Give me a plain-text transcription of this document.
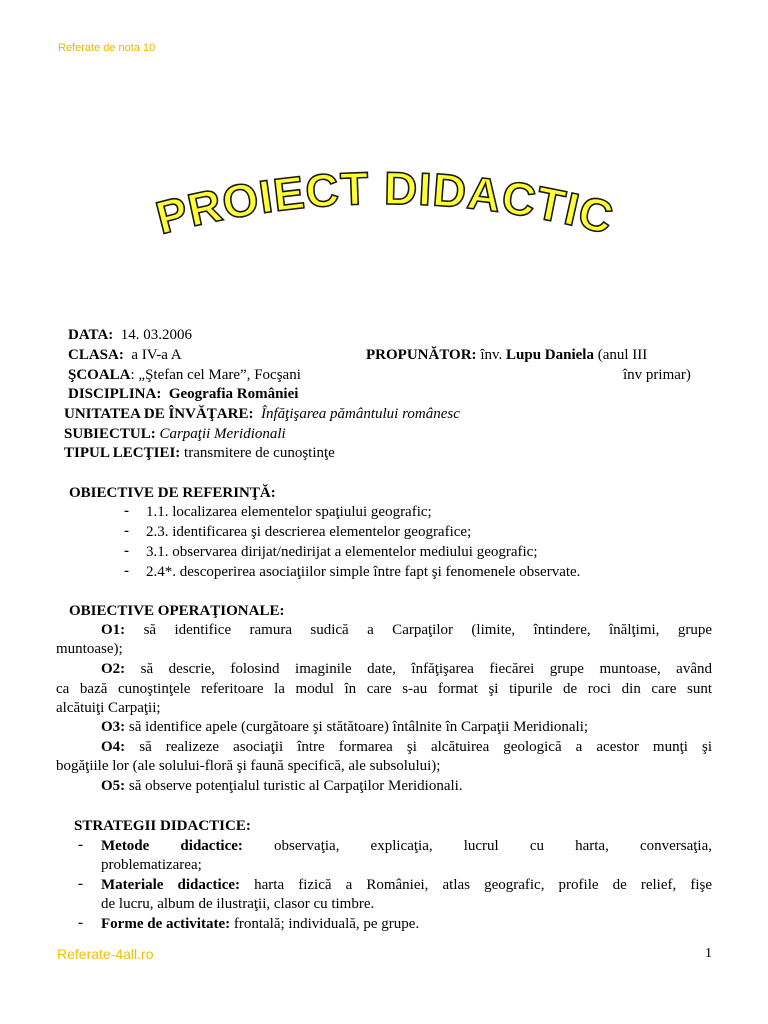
Referate de nota 10
PROIECT DIDACTIC
DATA: 14. 03.2006
CLASA: a IV-a A	PROPUNĂTOR: înv. Lupu Daniela (anul III
ŞCOALA: „Ştefan cel Mare”, Focşani	înv primar)
DISCIPLINA: Geografia României
UNITATEA DE ÎNVĂŢARE: Înfăţişarea pământului românesc
SUBIECTUL: Carpaţii Meridionali
TIPUL LECŢIEI: transmitere de cunoştinţe
OBIECTIVE DE REFERINŢĂ:
- 1.1. localizarea elementelor spaţiului geografic;
- 2.3. identificarea şi descrierea elementelor geografice;
- 3.1. observarea dirijat/nedirijat a elementelor mediului geografic;
- 2.4*. descoperirea asociaţiilor simple între fapt şi fenomenele observate.
OBIECTIVE OPERAŢIONALE:
O1: să identifice ramura sudică a Carpaţilor (limite, întindere, înălţimi, grupe
muntoase);
O2: să descrie, folosind imaginile date, înfăţişarea fiecărei grupe muntoase, având
ca bază cunoştinţele referitoare la modul în care s-au format şi tipurile de roci din care sunt
alcătuiţi Carpaţii;
O3: să identifice apele (curgătoare şi stătătoare) întâlnite în Carpaţii Meridionali;
O4: să realizeze asociaţii între formarea şi alcătuirea geologică a acestor munţi şi
bogăţiile lor (ale solului-floră şi faună specifică, ale subsolului);
O5: să observe potenţialul turistic al Carpaţilor Meridionali.
STRATEGII DIDACTICE:
- Metode didactice: observaţia, explicaţia, lucrul cu harta, conversaţia,
problematizarea;
- Materiale didactice: harta fizică a României, atlas geografic, profile de relief, fişe
de lucru, album de ilustraţii, clasor cu timbre.
- Forme de activitate: frontală; individuală, pe grupe.
Referate-4all.ro	1
